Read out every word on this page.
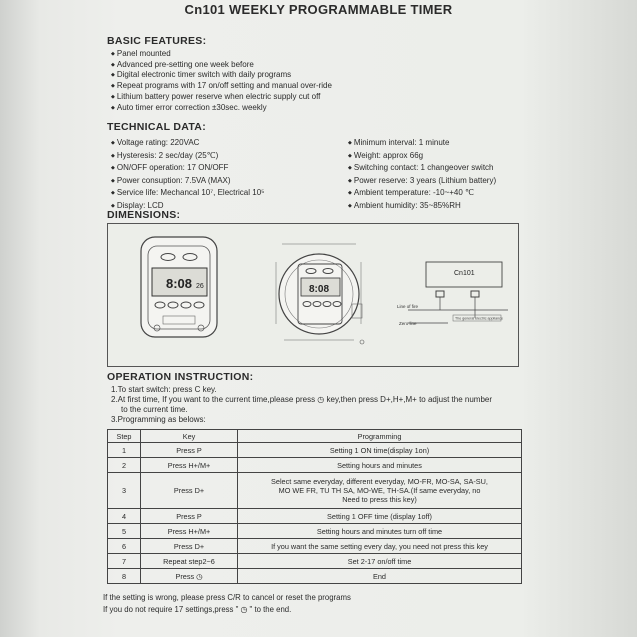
Cn101 WEEKLY PROGRAMMABLE TIMER
BASIC FEATURES:
◆ Panel mounted
◆ Advanced pre-setting one week before
◆ Digital electronic timer switch with daily programs
◆ Repeat programs with 17 on/off setting and manual over-ride
◆ Lithium battery power reserve when electric supply cut off
◆ Auto timer error correction ±30sec. weekly
TECHNICAL DATA:
◆ Voltage rating: 220VAC
◆ Hysteresis: 2 sec/day (25℃)
◆ ON/OFF operation: 17 ON/OFF
◆ Power consuption: 7.5VA (MAX)
◆ Service life: Mechancal 10⁷, Electrical 10⁵
◆ Display: LCD
◆ Minimum interval: 1 minute
◆ Weight: approx 66g
◆ Switching contact: 1 changeover switch
◆ Power reserve: 3 years (Lithium battery)
◆ Ambient temperature: -10~+40 ℃
◆ Ambient humidity: 35~85%RH
DIMENSIONS:
8:08 26	8:08
Cn101
Line of fire
Zero line
The general electric appliance
OPERATION INSTRUCTION:

1.To start switch: press C key.

2.At first time, If you want to the current time,please press ◷ key,then press D+,H+,M+ to adjust the number

to the current time.

3.Programming as belows:

Step	Key	Programming
1	Press P	Setting 1 ON time(display 1on)

2	Press H+/M+	Setting hours and minutes

3	Press D+	Select same everyday, different everyday, MO-FR, MO-SA, SA-SU,
MO WE FR, TU TH SA, MO-WE, TH-SA.(If same everyday, no
Need to press this key)

4	Press P	Setting 1 OFF time (display 1off)

5	Press H+/M+	Setting hours and minutes turn off time

6	Press D+	If you want the same setting every day, you need not press this key

7	Repeat step2~6	Set 2-17 on/off time

8	Press ◷	End
If the setting is wrong, please press C/R to cancel or reset the programs
If you do not require 17 settings,press " ◷ " to the end.
